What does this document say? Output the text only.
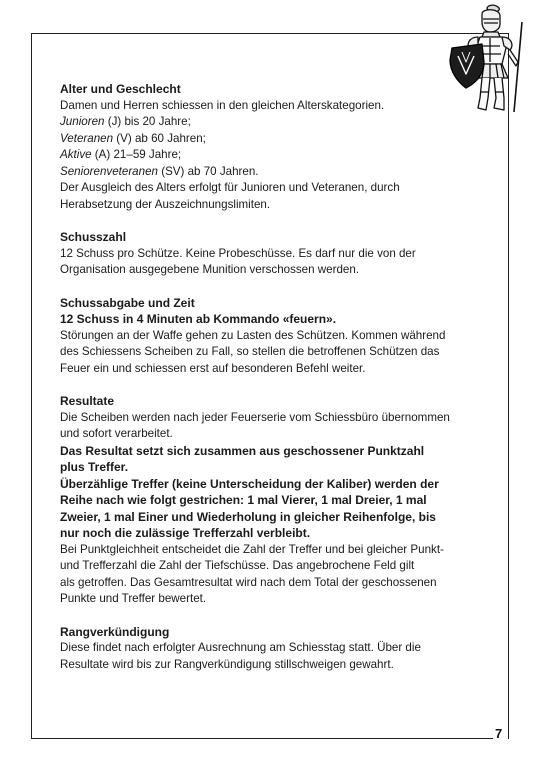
Alter und Geschlecht

Damen und Herren schiessen in den gleichen Alterskategorien.
Junioren (J) bis 20 Jahre;
Veteranen (V) ab 60 Jahren;
Aktive (A) 21–59 Jahre;
Seniorenveteranen (SV) ab 70 Jahren.
Der Ausgleich des Alters erfolgt für Junioren und Veteranen, durch
Herabsetzung der Auszeichnungslimiten.

Schusszahl

12 Schuss pro Schütze. Keine Probeschüsse. Es darf nur die von der
Organisation ausgegebene Munition verschossen werden.

Schussabgabe und Zeit

12 Schuss in 4 Minuten ab Kommando «feuern».
Störungen an der Waffe gehen zu Lasten des Schützen. Kommen während
des Schiessens Scheiben zu Fall, so stellen die betroffenen Schützen das
Feuer ein und schiessen erst auf besonderen Befehl weiter.

Resultate

Die Scheiben werden nach jeder Feuerserie vom Schiessbüro übernommen
und sofort verarbeitet.
Das Resultat setzt sich zusammen aus geschossener Punktzahl
plus Treffer.
Überzählige Treffer (keine Unterscheidung der Kaliber) werden der
Reihe nach wie folgt gestrichen: 1 mal Vierer, 1 mal Dreier, 1 mal
Zweier, 1 mal Einer und Wiederholung in gleicher Reihenfolge, bis
nur noch die zulässige Trefferzahl verbleibt.
Bei Punktgleichheit entscheidet die Zahl der Treffer und bei gleicher Punkt-
und Trefferzahl die Zahl der Tiefschüsse. Das angebrochene Feld gilt
als getroffen. Das Gesamtresultat wird nach dem Total der geschossenen
Punkte und Treffer bewertet.

Rangverkündigung

Diese findet nach erfolgter Ausrechnung am Schiesstag statt. Über die
Resultate wird bis zur Rangverkündigung stillschweigen gewahrt.

7
